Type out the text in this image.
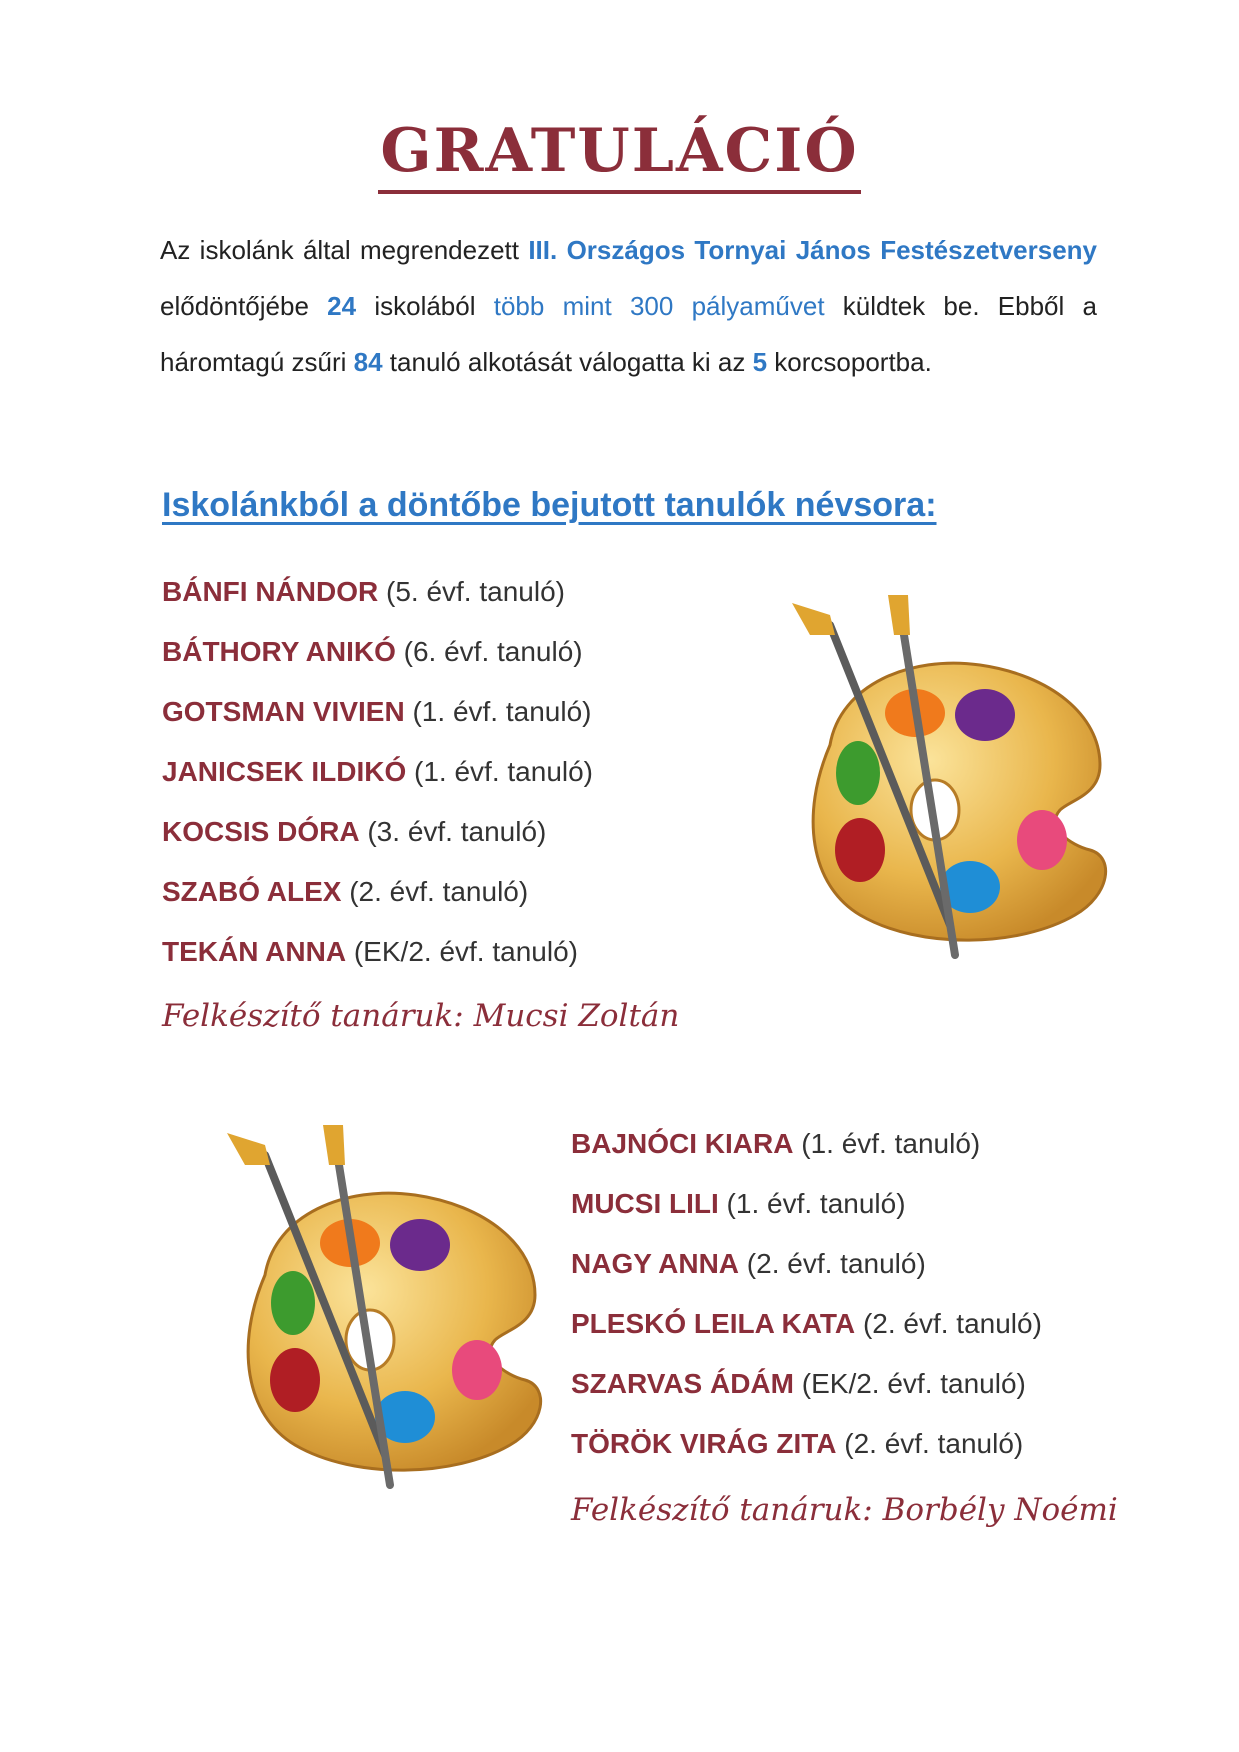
GRATULÁCIÓ

Az iskolánk által megrendezett III. Országos Tornyai János Festészetverseny elődöntőjébe 24 iskolából több mint 300 pályaművet küldtek be. Ebből a háromtagú zsűri 84 tanuló alkotását válogatta ki az 5 korcsoportba.

Iskolánkból a döntőbe bejutott tanulók névsora:
BÁNFI NÁNDOR (5. évf. tanuló)
BÁTHORY ANIKÓ (6. évf. tanuló)
GOTSMAN VIVIEN (1. évf. tanuló)
JANICSEK ILDIKÓ (1. évf. tanuló)
KOCSIS DÓRA (3. évf. tanuló)
SZABÓ ALEX (2. évf. tanuló)
TEKÁN ANNA (EK/2. évf. tanuló)

Felkészítő tanáruk: Mucsi Zoltán

BAJNÓCI KIARA (1. évf. tanuló)
MUCSI LILI (1. évf. tanuló)
NAGY ANNA (2. évf. tanuló)
PLESKÓ LEILA KATA (2. évf. tanuló)
SZARVAS ÁDÁM (EK/2. évf. tanuló)
TÖRÖK VIRÁG ZITA (2. évf. tanuló)

Felkészítő tanáruk: Borbély Noémi
